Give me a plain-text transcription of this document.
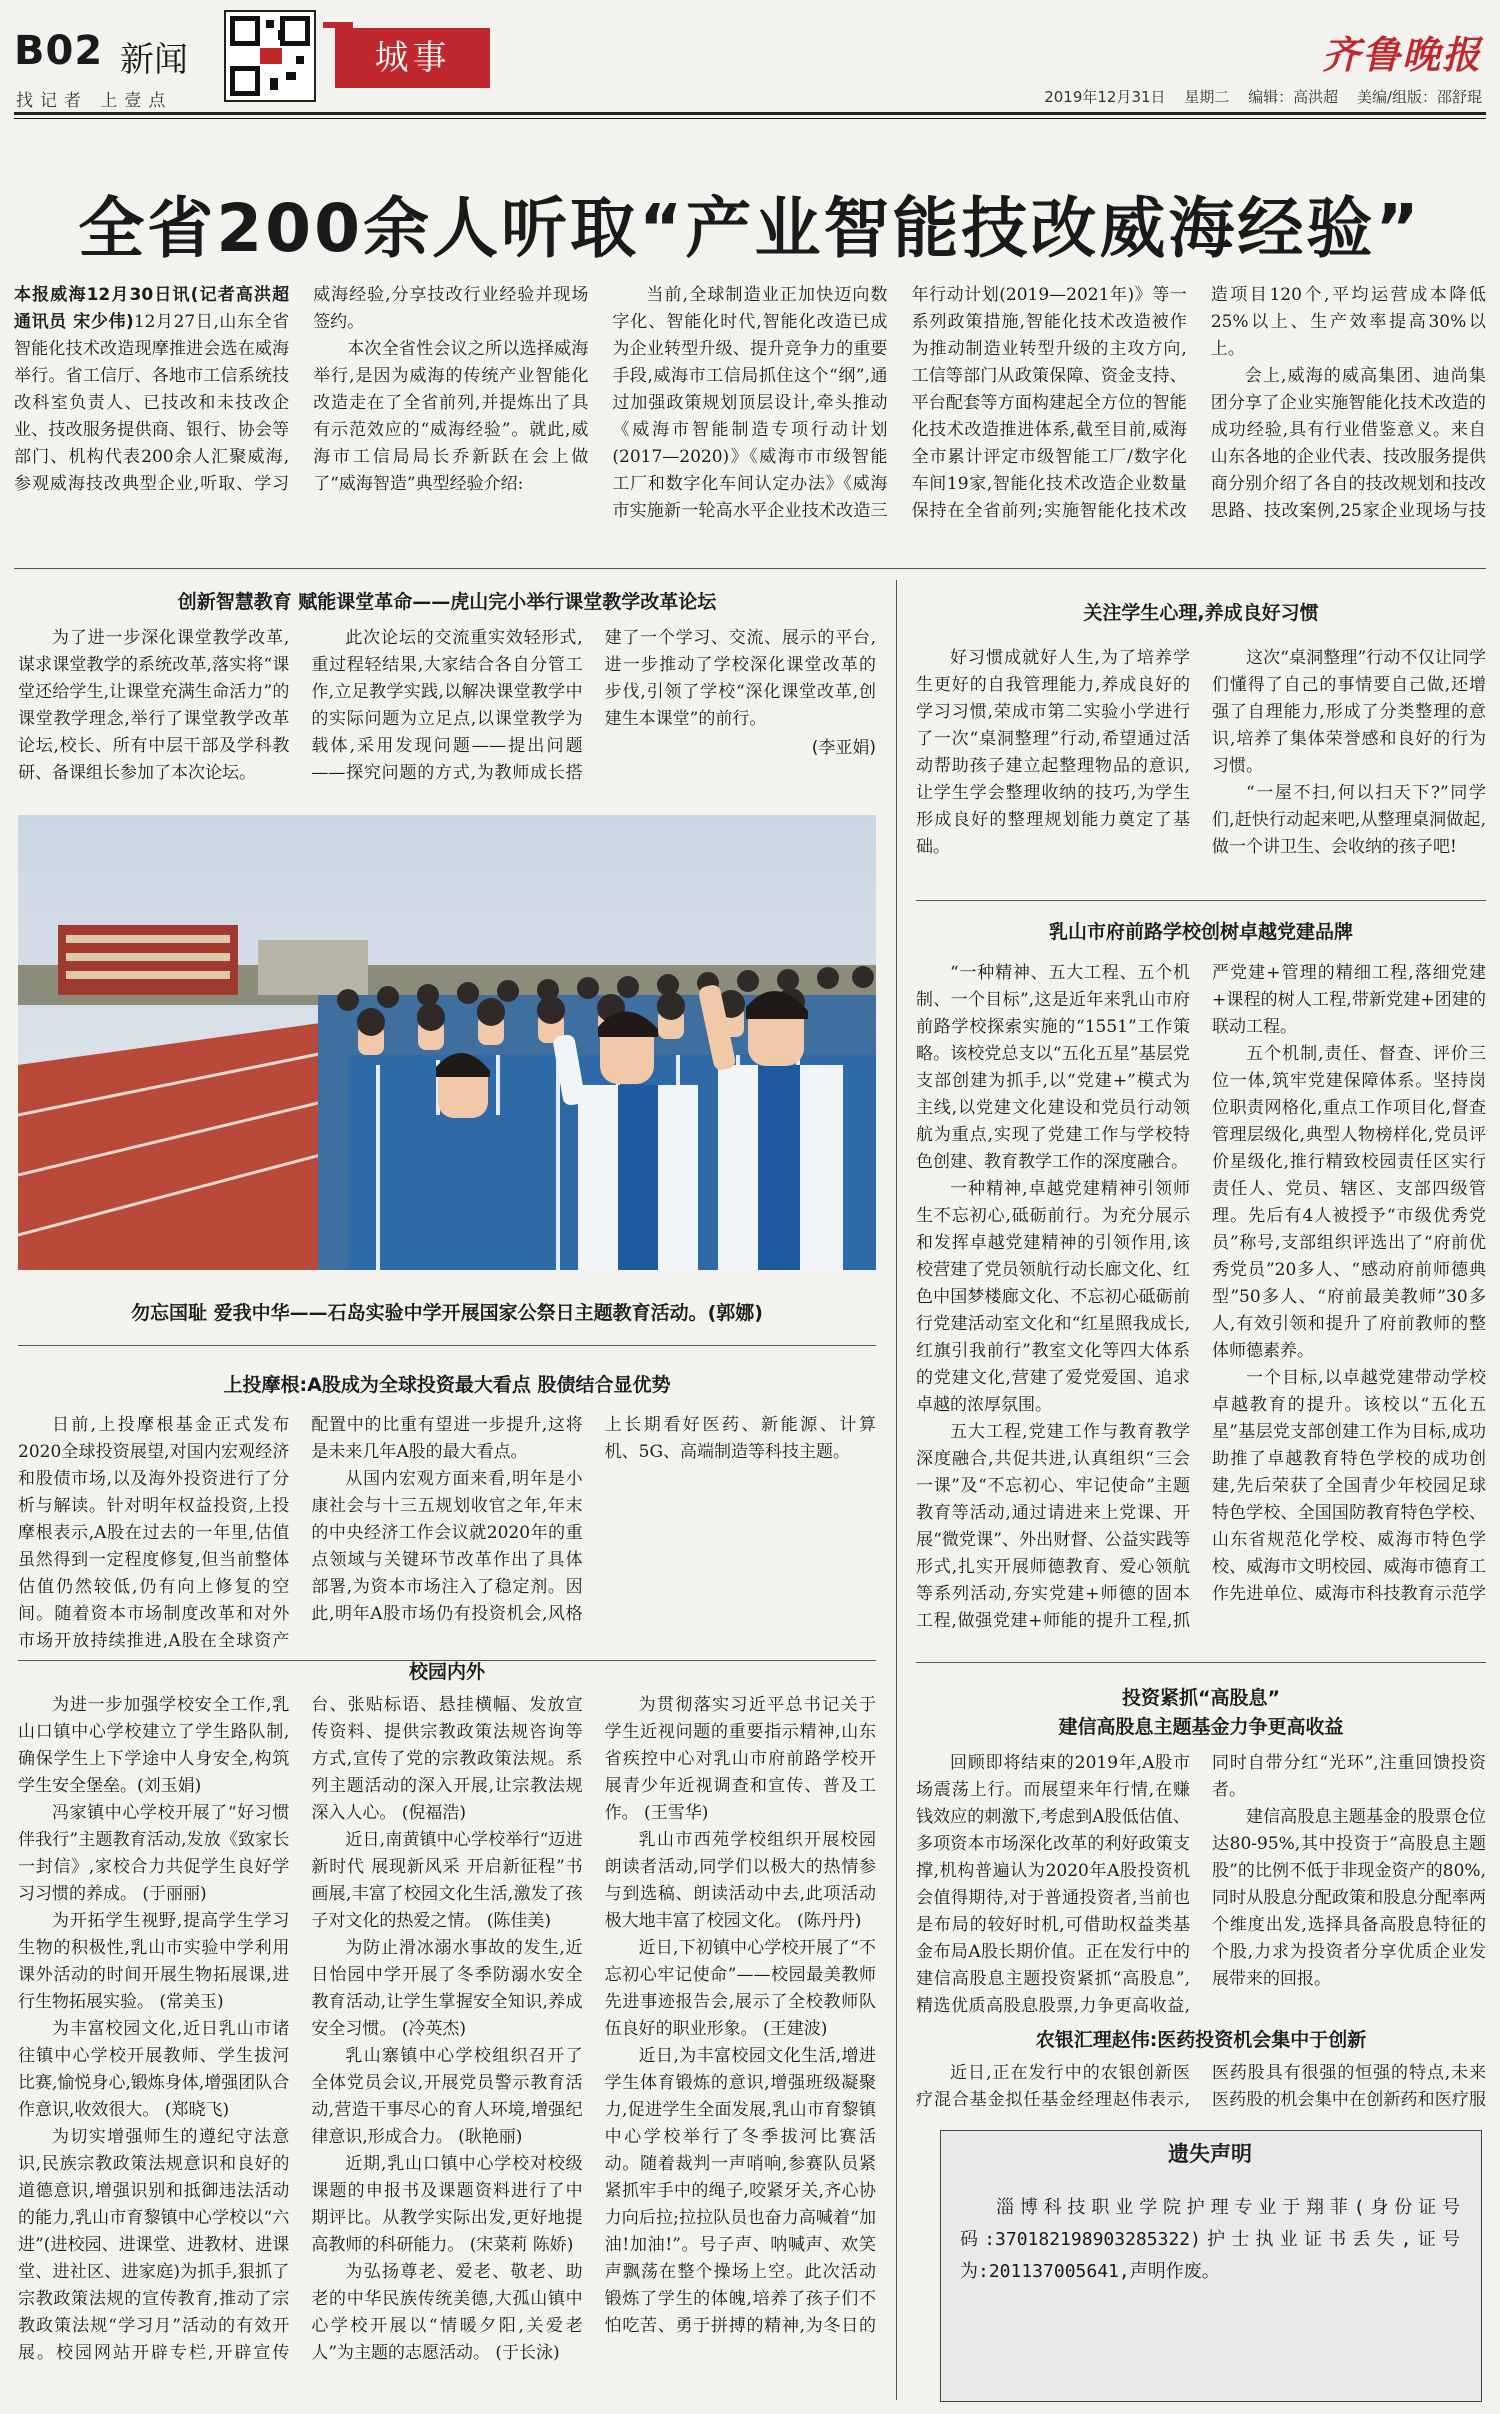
B02 新闻
找记者 上壹点
城事	齐鲁晚报
2019年12月31日 星期二 编辑：高洪超 美编/组版：邵舒琨
全省200余人听取“产业智能技改威海经验”

本报威海12月30日讯(记者高洪超 通讯员 宋少伟)12月27日,山东全省智能化技术改造现摩推进会选在威海举行。省工信厅、各地市工信系统技改科室负责人、已技改和未技改企业、技改服务提供商、银行、协会等部门、机构代表200余人汇聚威海,参观威海技改典型企业,听取、学习威海经验,分享技改行业经验并现场签约。

本次全省性会议之所以选择威海举行,是因为威海的传统产业智能化改造走在了全省前列,并提炼出了具有示范效应的“威海经验”。就此,威海市工信局局长乔新跃在会上做了“威海智造”典型经验介绍:

当前,全球制造业正加快迈向数字化、智能化时代,智能化改造已成为企业转型升级、提升竞争力的重要手段,威海市工信局抓住这个“纲”,通过加强政策规划顶层设计,牵头推动《威海市智能制造专项行动计划(2017—2020)》《威海市市级智能工厂和数字化车间认定办法》《威海市实施新一轮高水平企业技术改造三年行动计划(2019—2021年)》等一系列政策措施,智能化技术改造被作为推动制造业转型升级的主攻方向,工信等部门从政策保障、资金支持、平台配套等方面构建起全方位的智能化技术改造推进体系,截至目前,威海全市累计评定市级智能工厂/数字化车间19家,智能化技术改造企业数量保持在全省前列;实施智能化技术改造项目120个,平均运营成本降低25%以上、生产效率提高30%以上。

会上,威海的威高集团、迪尚集团分享了企业实施智能化技术改造的成功经验,具有行业借鉴意义。来自山东各地的企业代表、技改服务提供商分别介绍了各自的技改规划和技改思路、技改案例,25家企业现场与技

创新智慧教育 赋能课堂革命——虎山完小举行课堂教学改革论坛

为了进一步深化课堂教学改革,谋求课堂教学的系统改革,落实将“课堂还给学生,让课堂充满生命活力”的课堂教学理念,举行了课堂教学改革论坛,校长、所有中层干部及学科教研、备课组长参加了本次论坛。

此次论坛的交流重实效轻形式,重过程轻结果,大家结合各自分管工作,立足教学实践,以解决课堂教学中的实际问题为立足点,以课堂教学为载体,采用发现问题——提出问题——探究问题的方式,为教师成长搭建了一个学习、交流、展示的平台,进一步推动了学校深化课堂改革的步伐,引领了学校“深化课堂改革,创建生本课堂”的前行。

(李亚娟)

关注学生心理,养成良好习惯

好习惯成就好人生,为了培养学生更好的自我管理能力,养成良好的学习习惯,荣成市第二实验小学进行了一次“桌洞整理”行动,希望通过活动帮助孩子建立起整理物品的意识,让学生学会整理收纳的技巧,为学生形成良好的整理规划能力奠定了基础。

这次“桌洞整理”行动不仅让同学们懂得了自己的事情要自己做,还增强了自理能力,形成了分类整理的意识,培养了集体荣誉感和良好的行为习惯。

“一屋不扫,何以扫天下?”同学们,赶快行动起来吧,从整理桌洞做起,做一个讲卫生、会收纳的孩子吧!

勿忘国耻 爱我中华——石岛实验中学开展国家公祭日主题教育活动。(郭娜)
乳山市府前路学校创树卓越党建品牌

“一种精神、五大工程、五个机制、一个目标”,这是近年来乳山市府前路学校探索实施的“1551”工作策略。该校党总支以“五化五星”基层党支部创建为抓手,以“党建+”模式为主线,以党建文化建设和党员行动领航为重点,实现了党建工作与学校特色创建、教育教学工作的深度融合。

一种精神,卓越党建精神引领师生不忘初心,砥砺前行。为充分展示和发挥卓越党建精神的引领作用,该校营建了党员领航行动长廊文化、红色中国梦楼廊文化、不忘初心砥砺前行党建活动室文化和“红星照我成长,红旗引我前行”教室文化等四大体系的党建文化,营建了爱党爱国、追求卓越的浓厚氛围。

五大工程,党建工作与教育教学深度融合,共促共进,认真组织“三会一课”及“不忘初心、牢记使命”主题教育等活动,通过请进来上党课、开展“微党课”、外出财督、公益实践等形式,扎实开展师德教育、爱心领航等系列活动,夯实党建+师德的固本工程,做强党建+师能的提升工程,抓严党建+管理的精细工程,落细党建+课程的树人工程,带新党建+团建的联动工程。

五个机制,责任、督查、评价三位一体,筑牢党建保障体系。坚持岗位职责网格化,重点工作项目化,督查管理层级化,典型人物榜样化,党员评价星级化,推行精致校园责任区实行责任人、党员、辖区、支部四级管理。先后有4人被授予“市级优秀党员”称号,支部组织评选出了“府前优秀党员”20多人、“感动府前师德典型”50多人、“府前最美教师”30多人,有效引领和提升了府前教师的整体师德素养。

一个目标,以卓越党建带动学校卓越教育的提升。该校以“五化五星”基层党支部创建工作为目标,成功助推了卓越教育特色学校的成功创建,先后荣获了全国青少年校园足球特色学校、全国国防教育特色学校、山东省规范化学校、威海市特色学校、威海市文明校园、威海市德育工作先进单位、威海市科技教育示范学

上投摩根:A股成为全球投资最大看点 股债结合显优势

日前,上投摩根基金正式发布2020全球投资展望,对国内宏观经济和股债市场,以及海外投资进行了分析与解读。针对明年权益投资,上投摩根表示,A股在过去的一年里,估值虽然得到一定程度修复,但当前整体估值仍然较低,仍有向上修复的空间。随着资本市场制度改革和对外市场开放持续推进,A股在全球资产配置中的比重有望进一步提升,这将是未来几年A股的最大看点。

从国内宏观方面来看,明年是小康社会与十三五规划收官之年,年末的中央经济工作会议就2020年的重点领域与关键环节改革作出了具体部署,为资本市场注入了稳定剂。因此,明年A股市场仍有投资机会,风格上长期看好医药、新能源、计算机、5G、高端制造等科技主题。

校园内外

为进一步加强学校安全工作,乳山口镇中心学校建立了学生路队制,确保学生上下学途中人身安全,构筑学生安全堡垒。(刘玉娟)

冯家镇中心学校开展了“好习惯伴我行”主题教育活动,发放《致家长一封信》,家校合力共促学生良好学习习惯的养成。 (于丽丽)

为开拓学生视野,提高学生学习生物的积极性,乳山市实验中学利用课外活动的时间开展生物拓展课,进行生物拓展实验。 (常美玉)

为丰富校园文化,近日乳山市诸往镇中心学校开展教师、学生拔河比赛,愉悦身心,锻炼身体,增强团队合作意识,收效很大。 (郑晓飞)

为切实增强师生的遵纪守法意识,民族宗教政策法规意识和良好的道德意识,增强识别和抵御违法活动的能力,乳山市育黎镇中心学校以“六进”(进校园、进课堂、进教材、进课堂、进社区、进家庭)为抓手,狠抓了宗教政策法规的宣传教育,推动了宗教政策法规“学习月”活动的有效开展。校园网站开辟专栏,开辟宣传台、张贴标语、悬挂横幅、发放宣传资料、提供宗教政策法规咨询等方式,宣传了党的宗教政策法规。系列主题活动的深入开展,让宗教法规深入人心。 (倪福浩)

近日,南黄镇中心学校举行“迈进新时代 展现新风采 开启新征程”书画展,丰富了校园文化生活,激发了孩子对文化的热爱之情。 (陈佳美)

为防止滑冰溺水事故的发生,近日怡园中学开展了冬季防溺水安全教育活动,让学生掌握安全知识,养成安全习惯。 (冷英杰)

乳山寨镇中心学校组织召开了全体党员会议,开展党员警示教育活动,营造干事尽心的育人环境,增强纪律意识,形成合力。 (耿艳丽)

近期,乳山口镇中心学校对校级课题的申报书及课题资料进行了中期评比。从教学实际出发,更好地提高教师的科研能力。 (宋菜莉 陈娇)

为弘扬尊老、爱老、敬老、助老的中华民族传统美德,大孤山镇中心学校开展以“情暖夕阳,关爱老人”为主题的志愿活动。 (于长泳)

为贯彻落实习近平总书记关于学生近视问题的重要指示精神,山东省疾控中心对乳山市府前路学校开展青少年近视调查和宣传、普及工作。 (王雪华)

乳山市西苑学校组织开展校园朗读者活动,同学们以极大的热情参与到选稿、朗读活动中去,此项活动极大地丰富了校园文化。 (陈丹丹)

近日,下初镇中心学校开展了“不忘初心牢记使命”——校园最美教师先进事迹报告会,展示了全校教师队伍良好的职业形象。 (王建波)

近日,为丰富校园文化生活,增进学生体育锻炼的意识,增强班级凝聚力,促进学生全面发展,乳山市育黎镇中心学校举行了冬季拔河比赛活动。随着裁判一声哨响,参赛队员紧紧抓牢手中的绳子,咬紧牙关,齐心协力向后拉;拉拉队员也奋力高喊着“加油!加油!”。号子声、呐喊声、欢笑声飘荡在整个操场上空。此次活动锻炼了学生的体魄,培养了孩子们不怕吃苦、勇于拼搏的精神,为冬日的

投资紧抓“高股息”
建信高股息主题基金力争更高收益

回顾即将结束的2019年,A股市场震荡上行。而展望来年行情,在赚钱效应的刺激下,考虑到A股低估值、多项资本市场深化改革的利好政策支撑,机构普遍认为2020年A股投资机会值得期待,对于普通投资者,当前也是布局的较好时机,可借助权益类基金布局A股长期价值。正在发行中的建信高股息主题投资紧抓“高股息”,精选优质高股息股票,力争更高收益,同时自带分红“光环”,注重回馈投资者。

建信高股息主题基金的股票仓位达80-95%,其中投资于“高股息主题股”的比例不低于非现金资产的80%,同时从股息分配政策和股息分配率两个维度出发,选择具备高股息特征的个股,力求为投资者分享优质企业发展带来的回报。

农银汇理赵伟:医药投资机会集中于创新

近日,正在发行中的农银创新医疗混合基金拟任基金经理赵伟表示,医药股具有很强的恒强的特点,未来医药股的机会集中在创新药和医疗服

遗失声明
淄博科技职业学院护理专业于翔菲(身份证号码:370182198903285322)护士执业证书丢失,证号为:201137005641,声明作废。
